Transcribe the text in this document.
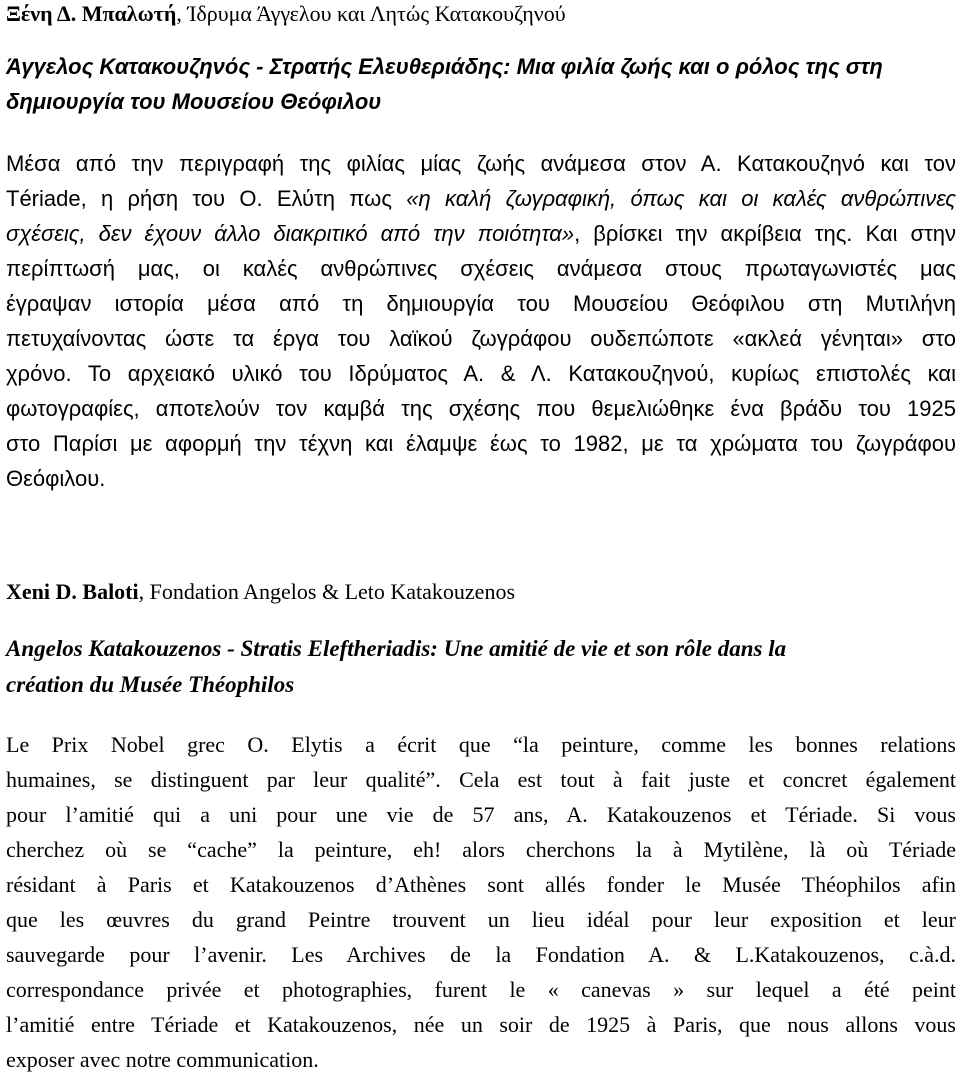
Ξένη Δ. Μπαλωτή, Ίδρυμα Άγγελου και Λητώς Κατακουζηνού

Άγγελος Κατακουζηνός - Στρατής Ελευθεριάδης: Μια φιλία ζωής και ο ρόλος της στη

δημιουργία του Μουσείου Θεόφιλου

Μέσα από την περιγραφή της φιλίας μίας ζωής ανάμεσα στον Α. Κατακουζηνό και τον

Tériade, η ρήση του Ο. Ελύτη πως «η καλή ζωγραφική, όπως και οι καλές ανθρώπινες

σχέσεις, δεν έχουν άλλο διακριτικό από την ποιότητα», βρίσκει την ακρίβεια της. Και στην

περίπτωσή μας, οι καλές ανθρώπινες σχέσεις ανάμεσα στους πρωταγωνιστές μας

έγραψαν ιστορία μέσα από τη δημιουργία του Μουσείου Θεόφιλου στη Μυτιλήνη

πετυχαίνοντας ώστε τα έργα του λαϊκού ζωγράφου ουδεπώποτε «ακλεά γένηται» στο

χρόνο. Το αρχειακό υλικό του Ιδρύματος Α. & Λ. Κατακουζηνού, κυρίως επιστολές και

φωτογραφίες, αποτελούν τον καμβά της σχέσης που θεμελιώθηκε ένα βράδυ του 1925

στο Παρίσι με αφορμή την τέχνη και έλαμψε έως το 1982, με τα χρώματα του ζωγράφου

Θεόφιλου.

Xeni D. Baloti, Fondation Angelos & Leto Katakouzenos

Angelos Katakouzenos - Stratis Eleftheriadis: Une amitié de vie et son rôle dans la

création du Musée Théophilos

Le Prix Nobel grec O. Elytis a écrit que “la peinture, comme les bonnes relations

humaines, se distinguent par leur qualité”. Cela est tout à fait juste et concret également

pour l’amitié qui a uni pour une vie de 57 ans, A. Katakouzenos et Tériade. Si vous

cherchez où se “cache” la peinture, eh! alors cherchons la à Mytilène, là où Tériade

résidant à Paris et Katakouzenos d’Athènes sont allés fonder le Musée Théophilos afin

que les œuvres du grand Peintre trouvent un lieu idéal pour leur exposition et leur

sauvegarde pour l’avenir. Les Archives de la Fondation A. & L.Katakouzenos, c.à.d.

correspondance privée et photographies, furent le « canevas » sur lequel a été peint

l’amitié entre Tériade et Katakouzenos, née un soir de 1925 à Paris, que nous allons vous

exposer avec notre communication.
